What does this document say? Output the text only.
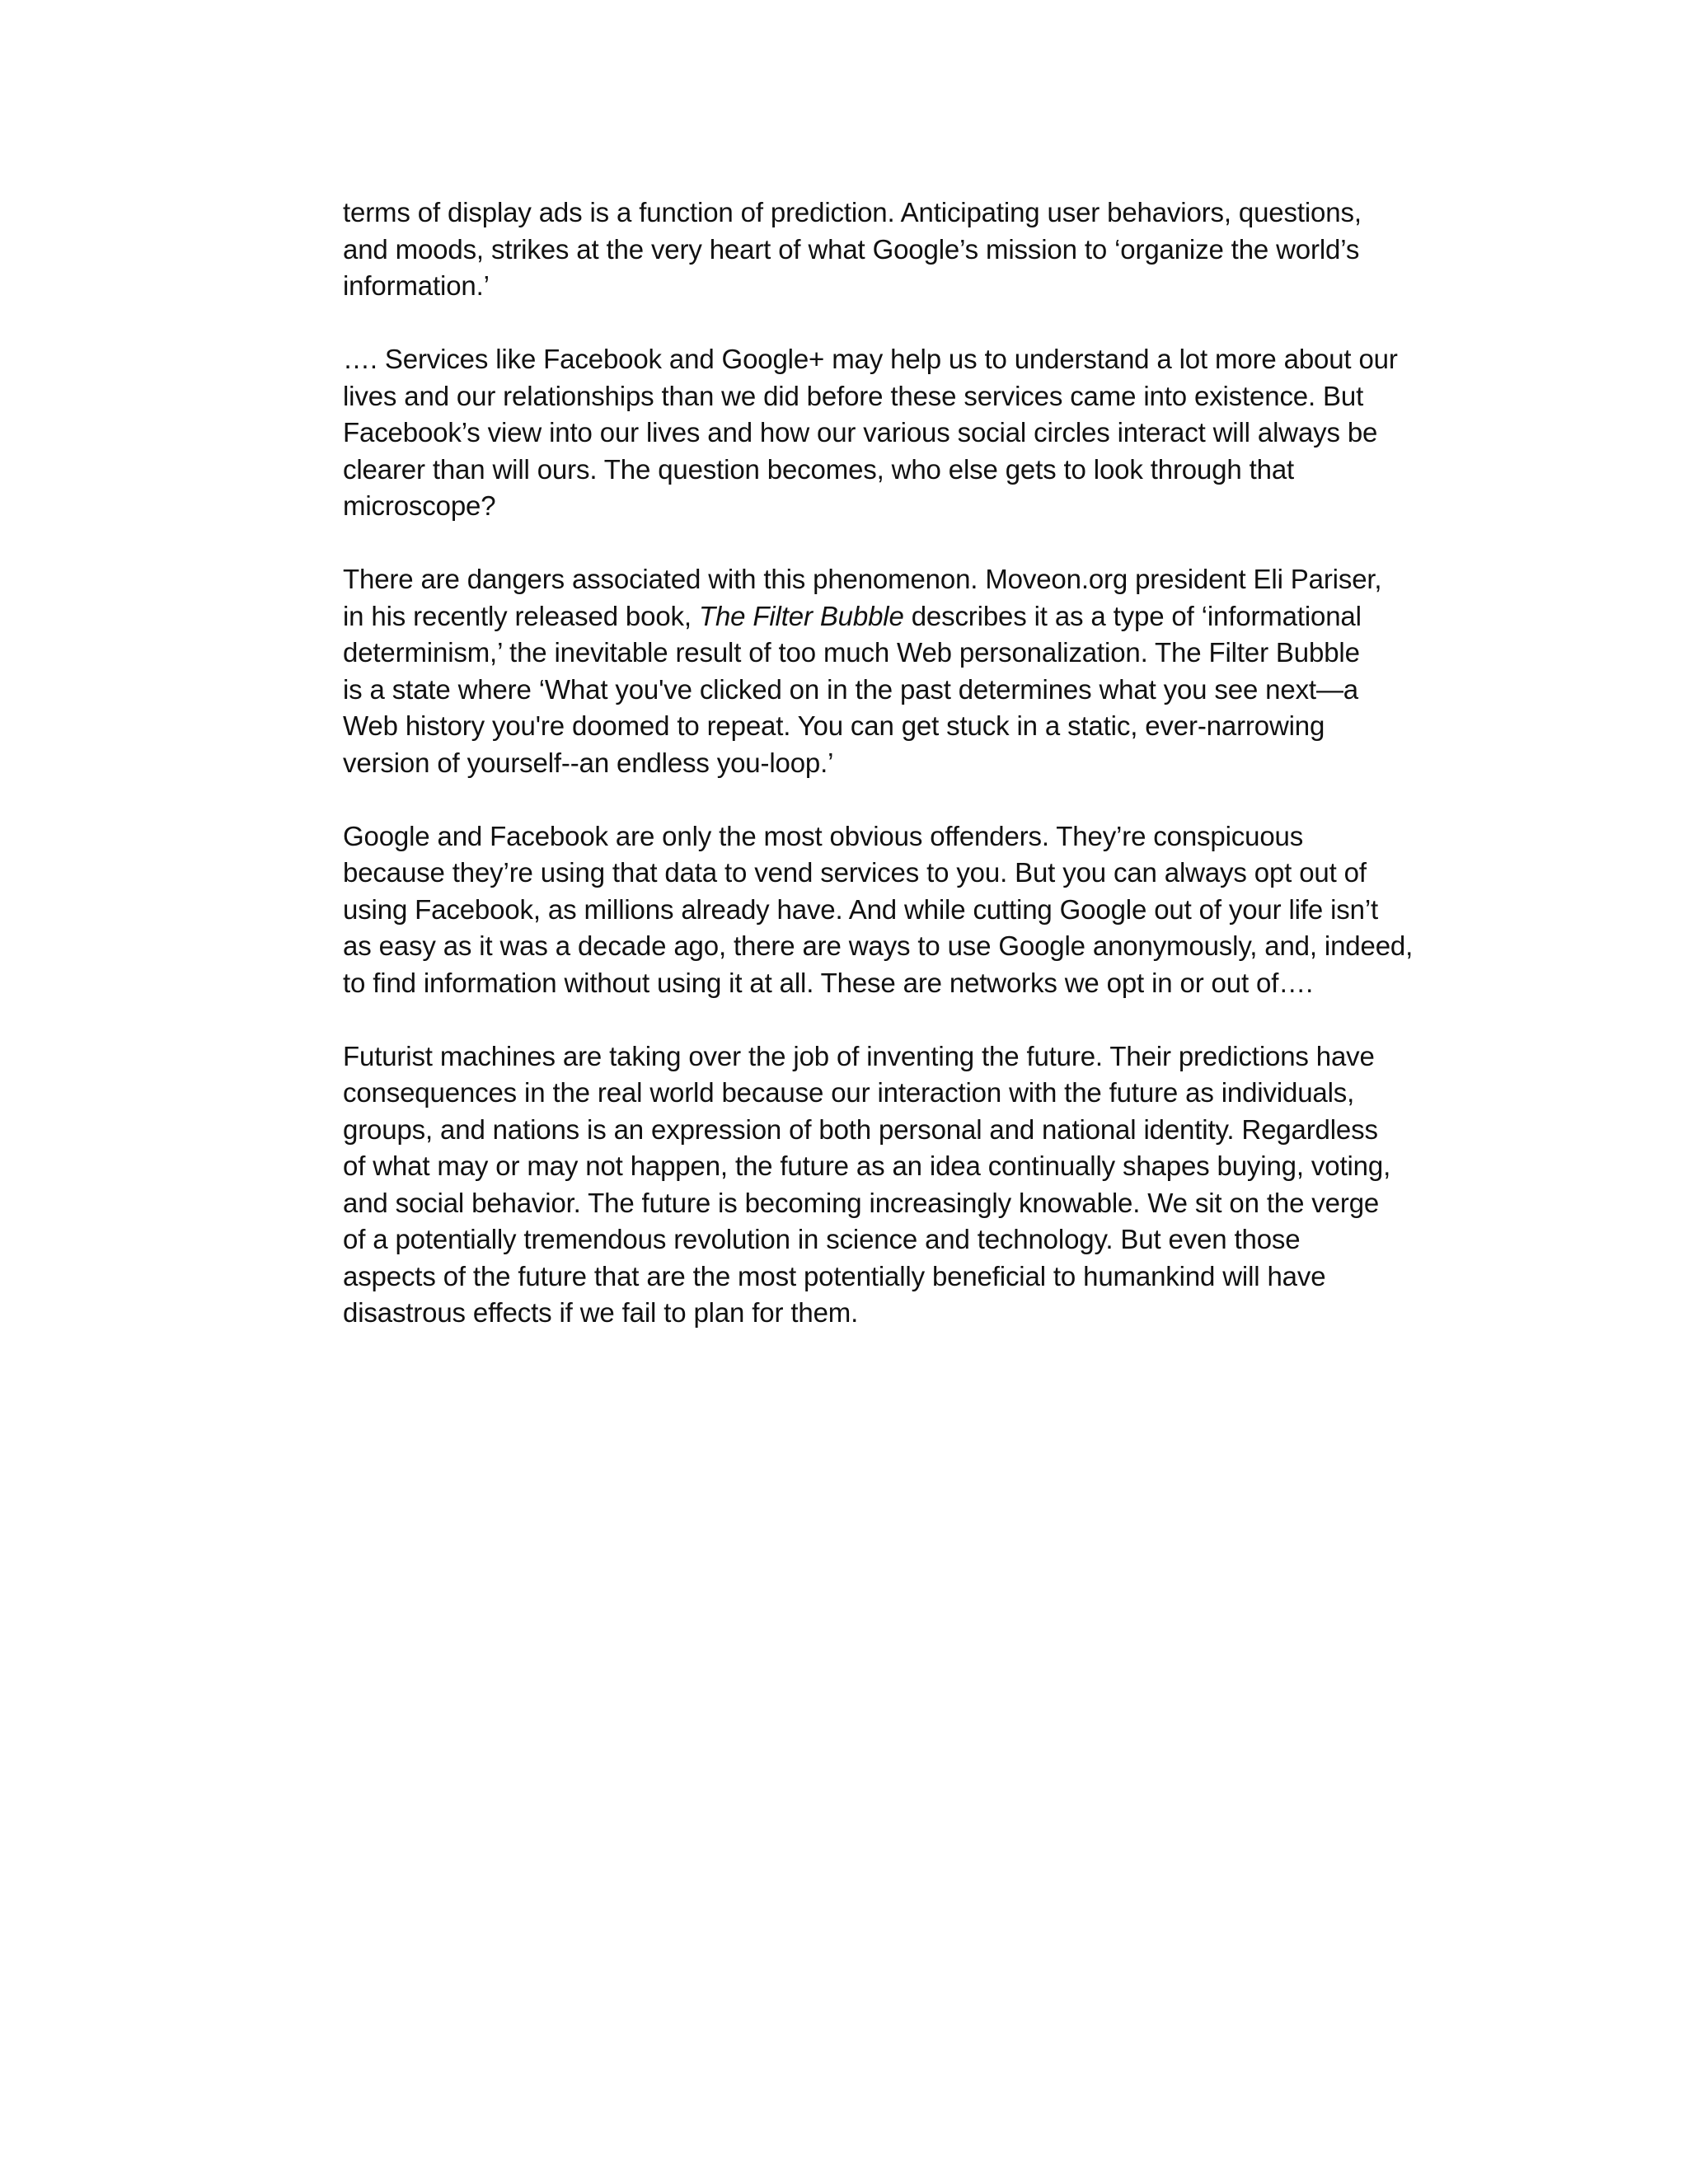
terms of display ads is a function of prediction. Anticipating user behaviors, questions,
and moods, strikes at the very heart of what Google’s mission to ‘organize the world’s
information.’

…. Services like Facebook and Google+ may help us to understand a lot more about our
lives and our relationships than we did before these services came into existence. But
Facebook’s view into our lives and how our various social circles interact will always be
clearer than will ours. The question becomes, who else gets to look through that
microscope?

There are dangers associated with this phenomenon. Moveon.org president Eli Pariser,
in his recently released book, The Filter Bubble describes it as a type of ‘informational
determinism,’ the inevitable result of too much Web personalization. The Filter Bubble
is a state where ‘What you've clicked on in the past determines what you see next—a
Web history you're doomed to repeat. You can get stuck in a static, ever-narrowing
version of yourself--an endless you-loop.’

Google and Facebook are only the most obvious offenders. They’re conspicuous
because they’re using that data to vend services to you. But you can always opt out of
using Facebook, as millions already have. And while cutting Google out of your life isn’t
as easy as it was a decade ago, there are ways to use Google anonymously, and, indeed,
to find information without using it at all. These are networks we opt in or out of….

Futurist machines are taking over the job of inventing the future. Their predictions have
consequences in the real world because our interaction with the future as individuals,
groups, and nations is an expression of both personal and national identity. Regardless
of what may or may not happen, the future as an idea continually shapes buying, voting,
and social behavior. The future is becoming increasingly knowable. We sit on the verge
of a potentially tremendous revolution in science and technology. But even those
aspects of the future that are the most potentially beneficial to humankind will have
disastrous effects if we fail to plan for them.
